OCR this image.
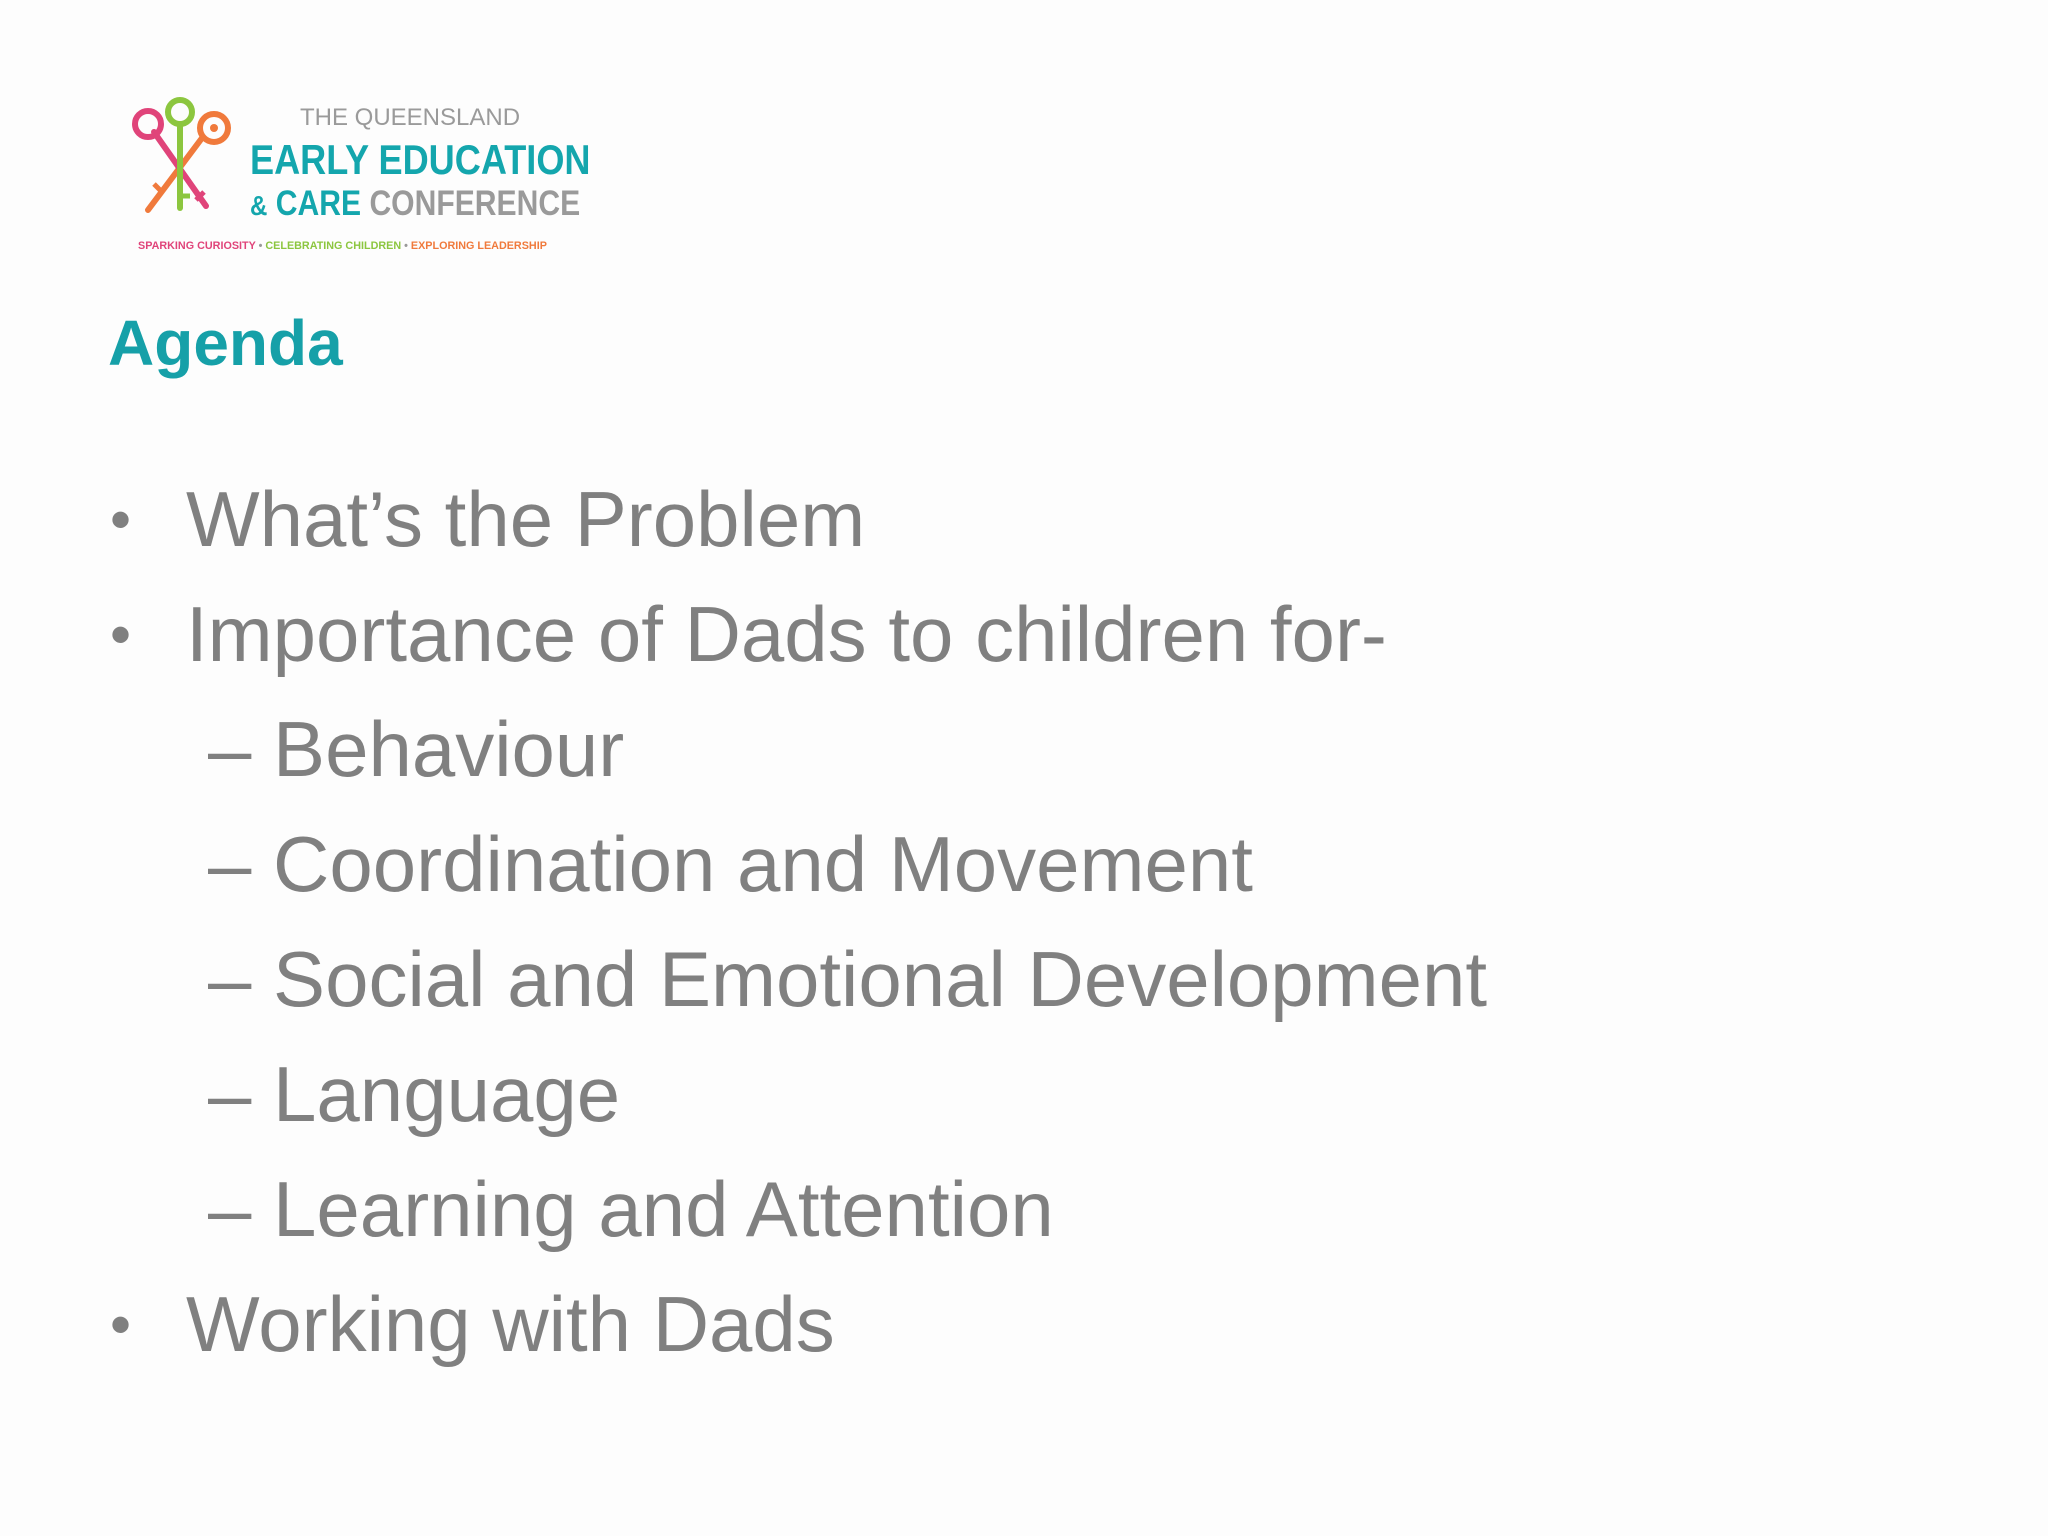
THE QUEENSLAND
EARLY EDUCATION
& CARE CONFERENCE
SPARKING CURIOSITY • CELEBRATING CHILDREN • EXPLORING LEADERSHIP
Agenda
• What’s the Problem
• Importance of Dads to children for-
– Behaviour
– Coordination and Movement
– Social and Emotional Development
– Language
– Learning and Attention
• Working with Dads
